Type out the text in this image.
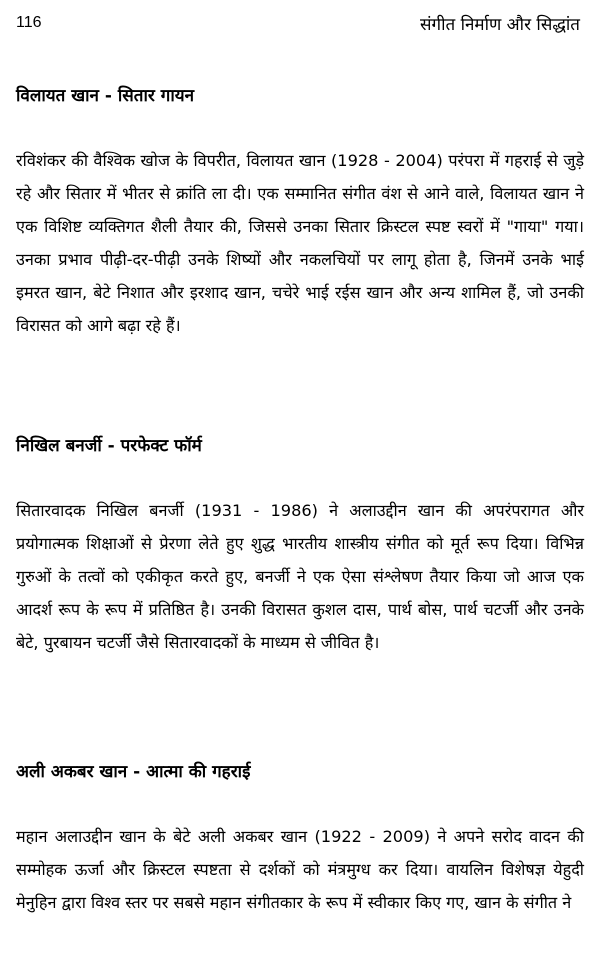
116	संगीत निर्माण और सिद्धांत
विलायत खान - सितार गायन

रविशंकर की वैश्विक खोज के विपरीत, विलायत खान (1928 - 2004) परंपरा में गहराई से जुड़े रहे और सितार में भीतर से क्रांति ला दी। एक सम्मानित संगीत वंश से आने वाले, विलायत खान ने एक विशिष्ट व्यक्तिगत शैली तैयार की, जिससे उनका सितार क्रिस्टल स्पष्ट स्वरों में "गाया" गया। उनका प्रभाव पीढ़ी-दर-पीढ़ी उनके शिष्यों और नकलचियों पर लागू होता है, जिनमें उनके भाई इमरत खान, बेटे निशात और इरशाद खान, चचेरे भाई रईस खान और अन्य शामिल हैं, जो उनकी विरासत को आगे बढ़ा रहे हैं।

निखिल बनर्जी - परफेक्ट फॉर्म

सितारवादक निखिल बनर्जी (1931 - 1986) ने अलाउद्दीन खान की अपरंपरागत और प्रयोगात्मक शिक्षाओं से प्रेरणा लेते हुए शुद्ध भारतीय शास्त्रीय संगीत को मूर्त रूप दिया। विभिन्न गुरुओं के तत्वों को एकीकृत करते हुए, बनर्जी ने एक ऐसा संश्लेषण तैयार किया जो आज एक आदर्श रूप के रूप में प्रतिष्ठित है। उनकी विरासत कुशल दास, पार्थ बोस, पार्थ चटर्जी और उनके बेटे, पुरबायन चटर्जी जैसे सितारवादकों के माध्यम से जीवित है।

अली अकबर खान - आत्मा की गहराई

महान अलाउद्दीन खान के बेटे अली अकबर खान (1922 - 2009) ने अपने सरोद वादन की सम्मोहक ऊर्जा और क्रिस्टल स्पष्टता से दर्शकों को मंत्रमुग्ध कर दिया। वायलिन विशेषज्ञ येहुदी मेनुहिन द्वारा विश्व स्तर पर सबसे महान संगीतकार के रूप में स्वीकार किए गए, खान के संगीत ने
